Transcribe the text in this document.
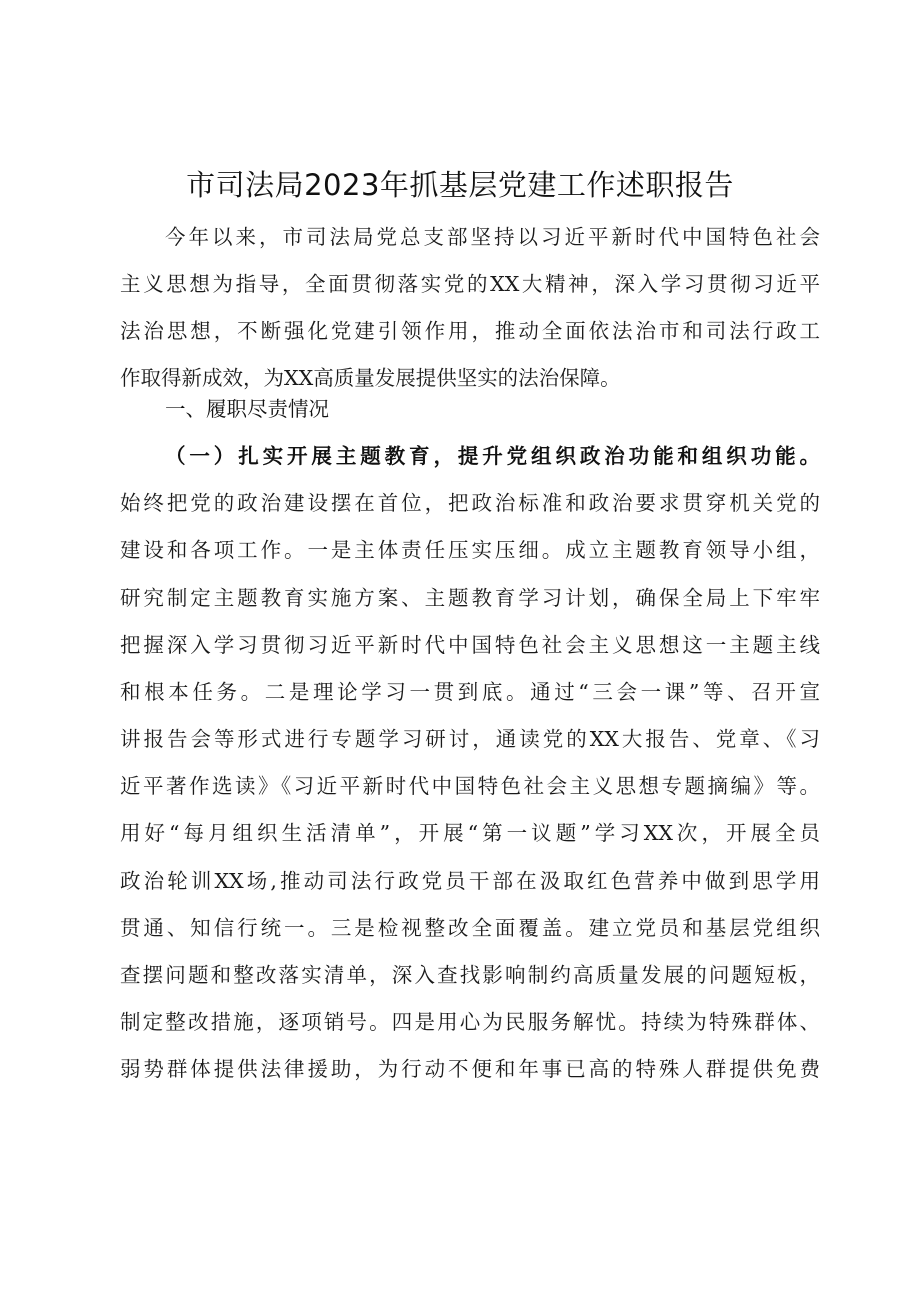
市司法局2023年抓基层党建工作述职报告
今年以来，市司法局党总支部坚持以习近平新时代中国特色社会
主义思想为指导，全面贯彻落实党的XX大精神，深入学习贯彻习近平
法治思想，不断强化党建引领作用，推动全面依法治市和司法行政工
作取得新成效，为XX高质量发展提供坚实的法治保障。
一、履职尽责情况
（一）扎实开展主题教育，提升党组织政治功能和组织功能。
始终把党的政治建设摆在首位，把政治标准和政治要求贯穿机关党的
建设和各项工作。一是主体责任压实压细。成立主题教育领导小组，
研究制定主题教育实施方案、主题教育学习计划，确保全局上下牢牢
把握深入学习贯彻习近平新时代中国特色社会主义思想这一主题主线
和根本任务。二是理论学习一贯到底。通过“三会一课”等、召开宣
讲报告会等形式进行专题学习研讨，通读党的XX大报告、党章、《习
近平著作选读》《习近平新时代中国特色社会主义思想专题摘编》等。
用好“每月组织生活清单”，开展“第一议题”学习XX次，开展全员
政治轮训XX场,推动司法行政党员干部在汲取红色营养中做到思学用
贯通、知信行统一。三是检视整改全面覆盖。建立党员和基层党组织
查摆问题和整改落实清单，深入查找影响制约高质量发展的问题短板，
制定整改措施，逐项销号。四是用心为民服务解忧。持续为特殊群体、
弱势群体提供法律援助，为行动不便和年事已高的特殊人群提供免费
